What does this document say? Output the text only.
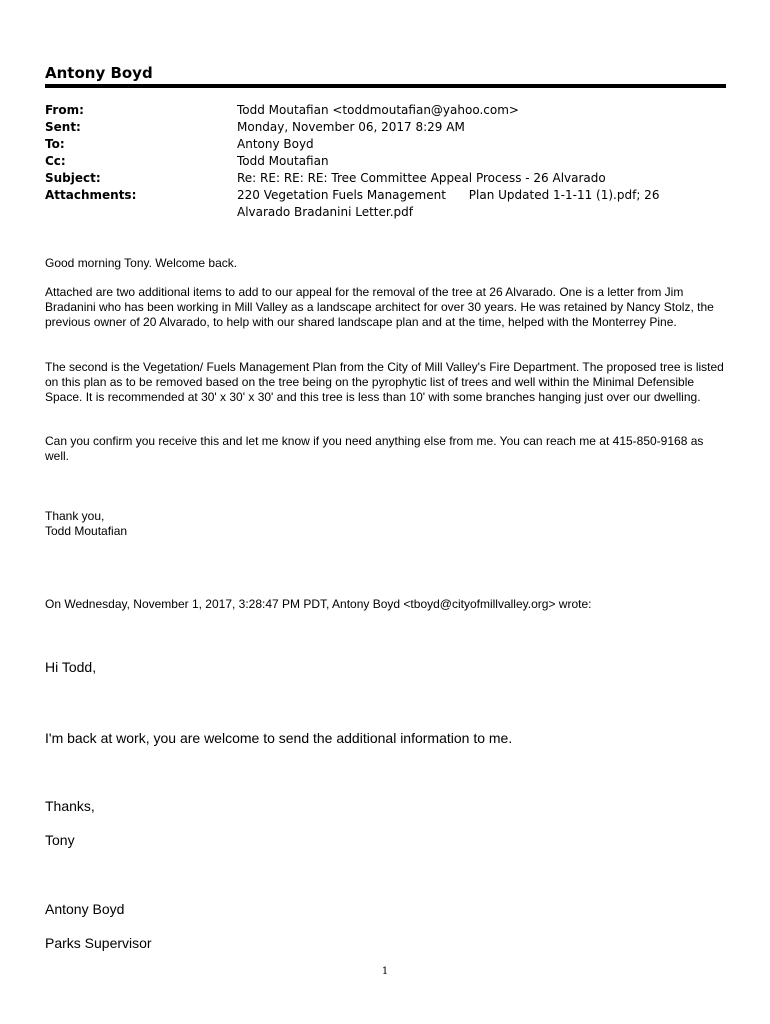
Antony Boyd
From:	Todd Moutafian <toddmoutafian@yahoo.com>
Sent:	Monday, November 06, 2017 8:29 AM
To:	Antony Boyd
Cc:	Todd Moutafian
Subject:	Re: RE: RE: RE: Tree Committee Appeal Process - 26 Alvarado
Attachments:	220 Vegetation Fuels Management      Plan Updated 1-1-11 (1).pdf; 26 Alvarado Bradanini Letter.pdf

Good morning Tony. Welcome back.

Attached are two additional items to add to our appeal for the removal of the tree at 26 Alvarado. One is a letter from Jim Bradanini who has been working in Mill Valley as a landscape architect for over 30 years. He was retained by Nancy Stolz, the previous owner of 20 Alvarado, to help with our shared landscape plan and at the time, helped with the Monterrey Pine.

The second is the Vegetation/ Fuels Management Plan from the City of Mill Valley's Fire Department. The proposed tree is listed on this plan as to be removed based on the tree being on the pyrophytic list of trees and well within the Minimal Defensible Space. It is recommended at 30' x 30' x 30' and this tree is less than 10' with some branches hanging just over our dwelling.

Can you confirm you receive this and let me know if you need anything else from me. You can reach me at 415-850-9168 as well.

Thank you,

Todd Moutafian

On Wednesday, November 1, 2017, 3:28:47 PM PDT, Antony Boyd <tboyd@cityofmillvalley.org> wrote:

Hi Todd,

I'm back at work, you are welcome to send the additional information to me.

Thanks,

Tony

Antony Boyd

Parks Supervisor

1
